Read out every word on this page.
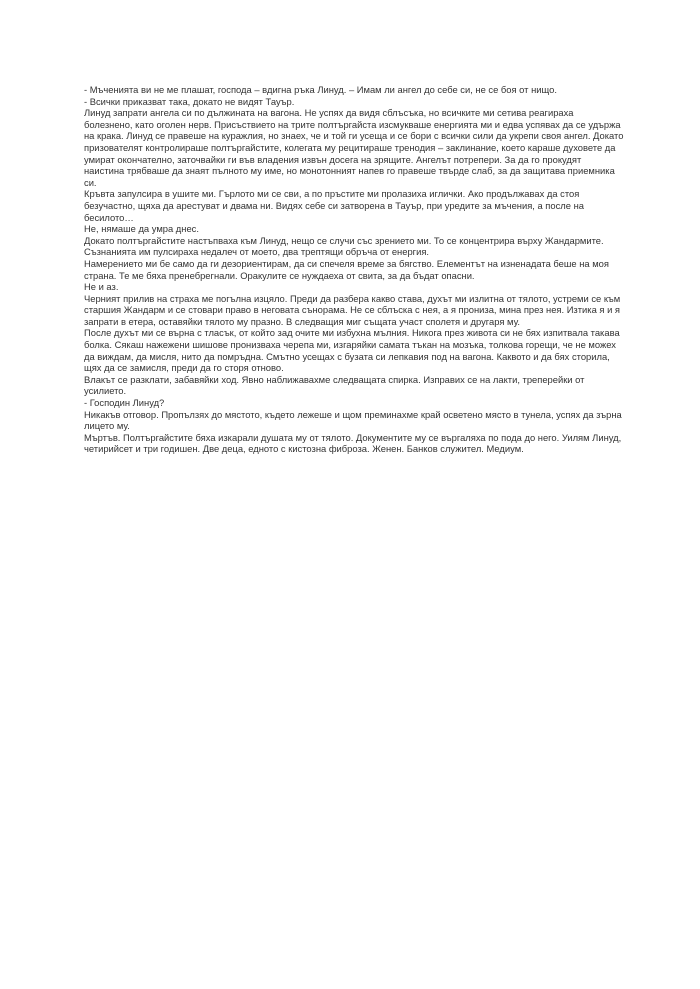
- Мъченията ви не ме плашат, господа – вдигна ръка Линуд. – Имам ли ангел до себе си, не се боя от нищо.

- Всички приказват така, докато не видят Тауър.

Линуд запрати ангела си по дължината на вагона. Не успях да видя сблъсъка, но всичките ми сетива реагираха болезнено, като оголен нерв. Присъствието на трите полтъргайста изсмукваше енергията ми и едва успявах да се удържа на крака. Линуд се правеше на куражлия, но знаех, че и той ги усеща и се бори с всички сили да укрепи своя ангел. Докато призователят контролираше полтъргайстите, колегата му рецитираше тренодия – заклинание, което караше духовете да умират окончателно, заточвайки ги във владения извън досега на зрящите. Ангелът потрепери. За да го прокудят наистина трябваше да знаят пълното му име, но монотонният напев го правеше твърде слаб, за да защитава приемника си.

Кръвта запулсира в ушите ми. Гърлото ми се сви, а по пръстите ми пролазиха иглички. Ако продължавах да стоя безучастно, щяха да арестуват и двама ни. Видях себе си затворена в Тауър, при уредите за мъчения, а после на бесилото…

Не, нямаше да умра днес.

Докато полтъргайстите настъпваха към Линуд, нещо се случи със зрението ми. То се концентрира върху Жандармите. Съзнанията им пулсираха недалеч от моето, два трептящи обръча от енергия.

Намерението ми бе само да ги дезориентирам, да си спечеля време за бягство. Елементът на изненадата беше на моя страна. Те ме бяха пренебрегнали. Оракулите се нуждаеха от свита, за да бъдат опасни.

Не и аз.

Черният прилив на страха ме погълна изцяло. Преди да разбера какво става, духът ми излитна от тялото, устреми се към старшия Жандарм и се стовари право в неговата сънорама. Не се сблъска с нея, а я прониза, мина през нея. Изтика я и я запрати в етера, оставяйки тялото му празно. В следващия миг същата участ сполетя и другаря му.

После духът ми се върна с тласък, от който зад очите ми избухна мълния. Никога през живота си не бях изпитвала такава болка. Сякаш нажежени шишове пронизваха черепа ми, изгаряйки самата тъкан на мозъка, толкова горещи, че не можех да виждам, да мисля, нито да помръдна. Смътно усещах с бузата си лепкавия под на вагона. Каквото и да бях сторила, щях да се замисля, преди да го сторя отново.

Влакът се разклати, забавяйки ход. Явно наближавахме следващата спирка. Изправих се на лакти, треперейки от усилието.

- Господин Линуд?

Никакъв отговор. Пропълзях до мястото, където лежеше и щом преминахме край осветено място в тунела, успях да зърна лицето му.

Мъртъв. Полтъргайстите бяха изкарали душата му от тялото. Документите му се въргаляха по пода до него. Уилям Линуд, четирийсет и три годишен. Две деца, едното с кистозна фиброза. Женен. Банков служител. Медиум.
